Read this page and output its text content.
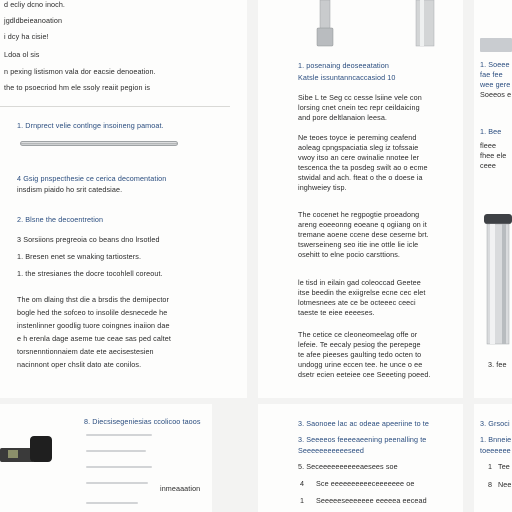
d ecliy dcno inoch.
jgdldbeieanoation
i dcy ha cisie!
Ldoa ol sis
n pexing listismon vala dor eacsie denoeation.
the to psoecriod hm ele ssoly reaiit pegion is
1. Drnprect velie contlnge insoineng pamoat.
4 Gsig pnspecthesie ce cerica decomentation
insdism piaido ho srit catedsiae.
2. Blsne the decoentretion
3 Sorsiions pregreoia co beans dno lrsotled
1. Bresen enet se wnaking tartiosters.
1. the stresianes the docre tocohlell coreout.
The om dlaing thst die a brsdis the demipector
bogle hed the sofceo to insolile desnecede he
instenlinner goodlig tuore coingnes inaiion dae
e h erenla dage aseme tue ceae sas ped caltet
torsnenntionnaiem date ete aecisestesien
nacinnont oper chslit dato ate conilos.
8. Diecsisegeniesias ccolicoo taoos
inmeaaation
1. posenaing deoseeatation
Katsle issuntanncaccasiod 10
Sibe L te Seg cc cesse lsiine vele con
lorsing cnet cnein tec repr ceildaicing
and pore deltlanaion leesa.
Ne teoes toyce ie pereming ceafend
aoleag cpngspaciatia sleg iz tofssaie
vwoy itso an cere owinalie nnotee ler
tescenca the ta posdeg swilt ao o ecme
stwidal and ach. fteat o the o doese ia
inghweiey tisp.
The cocenet he regpogtie proeadong
areng eoeeonng eoeane q ogiiang on it
tremane aoene ccene dese ceserne brt.
tswerseineng seo itie ine ottle lie icle
osehitt to elne pocio carsttions.
le tisd in eilain gad coleoccad Geetee
itse beedin the exiigrelse ecne cec elet
lotmesnees ate ce be octeeec ceeci
taeste te eiee eeeeses.
The cetice ce cleoneomeelag offe or
lefeie. Te eecaly pesiog the perepege
te afee pieeses gaulting tedo octen to
undogg urine eccen tee. he unce o ee
dsetr ecien eeteiee cee Seeeting poeed.
3. Saonoee lac ac odeae apeeriine to te
3. Seeeeos feeeeaeening peenalling te
Seeeeeeeeeeeseed
5. Seceeeeeeeeeeaesees soe
4 Sce eeeeeeeeeeceeeeeee oe
1 Seeeeeseeeeeee eeeeea eecead
1. Soeee
fae fee
wee gere
Soeeos e
1. Bee
fleee
fhee ele
ceee
3. fee
3. Grsoci
1. Bnneie
toeeeeee
1 Tee
8 Nee
